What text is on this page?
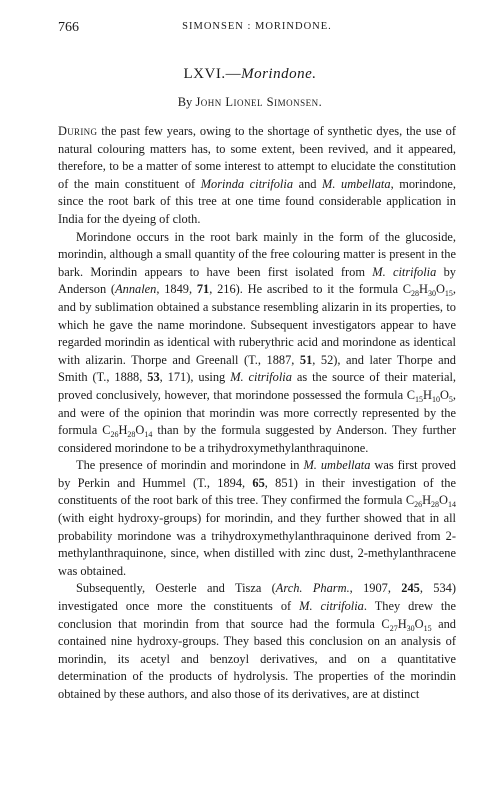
766	SIMONSEN : MORINDONE.
LXVI.—Morindone.
By John Lionel Simonsen.

During the past few years, owing to the shortage of synthetic dyes, the use of natural colouring matters has, to some extent, been revived, and it appeared, therefore, to be a matter of some interest to attempt to elucidate the constitution of the main constituent of Morinda citrifolia and M. umbellata, morindone, since the root bark of this tree at one time found considerable application in India for the dyeing of cloth.

Morindone occurs in the root bark mainly in the form of the glucoside, morindin, although a small quantity of the free colouring matter is present in the bark. Morindin appears to have been first isolated from M. citrifolia by Anderson (Annalen, 1849, 71, 216). He ascribed to it the formula $C_{28}H_{30}O_{15}$, and by sublimation obtained a substance resembling alizarin in its properties, to which he gave the name morindone. Subsequent investigators appear to have regarded morindin as identical with ruberythric acid and morindone as identical with alizarin. Thorpe and Greenall (T., 1887, 51, 52), and later Thorpe and Smith (T., 1888, 53, 171), using M. citrifolia as the source of their material, proved conclusively, however, that morindone possessed the formula $C_{15}H_{10}O_5$, and were of the opinion that morindin was more correctly represented by the formula $C_{26}H_{28}O_{14}$ than by the formula suggested by Anderson. They further considered morindone to be a trihydroxymethylanthraquinone.

The presence of morindin and morindone in M. umbellata was first proved by Perkin and Hummel (T., 1894, 65, 851) in their investigation of the constituents of the root bark of this tree. They confirmed the formula $C_{26}H_{28}O_{14}$ (with eight hydroxy-groups) for morindin, and they further showed that in all probability morindone was a trihydroxymethylanthraquinone derived from 2-methylanthraquinone, since, when distilled with zinc dust, 2-methylanthracene was obtained.

Subsequently, Oesterle and Tisza (Arch. Pharm., 1907, 245, 534) investigated once more the constituents of M. citrifolia. They drew the conclusion that morindin from that source had the formula $C_{27}H_{30}O_{15}$ and contained nine hydroxy-groups. They based this conclusion on an analysis of morindin, its acetyl and benzoyl derivatives, and on a quantitative determination of the products of hydrolysis. The properties of the morindin obtained by these authors, and also those of its derivatives, are at distinct
